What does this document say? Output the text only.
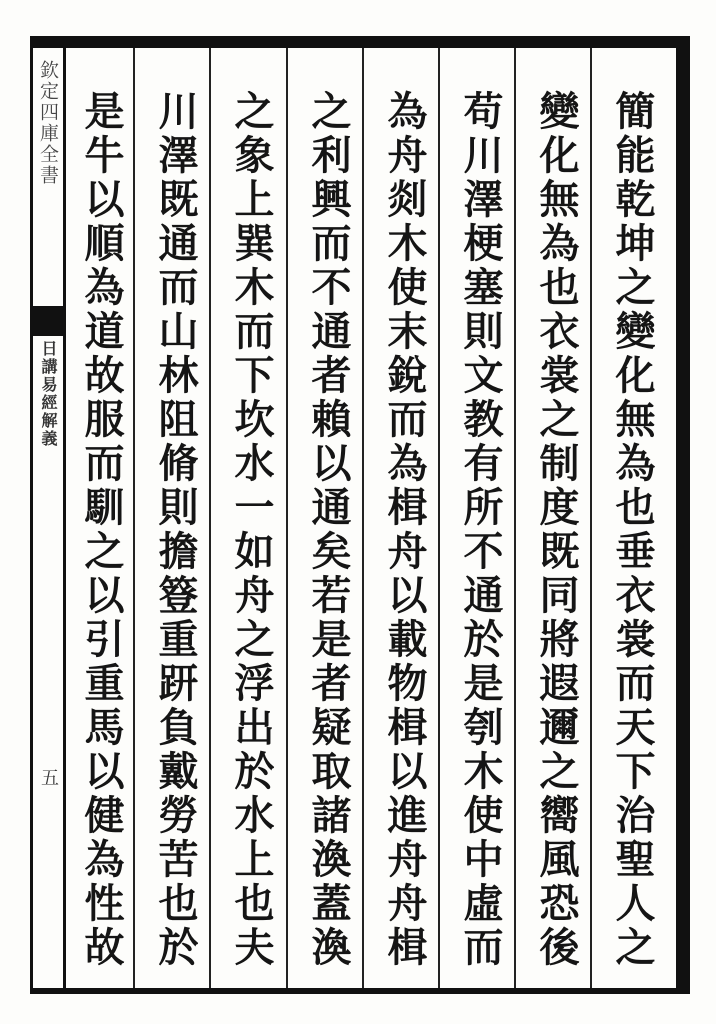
欽定四庫全書
日講易經解義
五	簡能乾坤之變化無為也垂衣裳而天下治聖人之
變化無為也衣裳之制度既同將遐邇之嚮風恐後
苟川澤梗塞則文教有所不通於是刳木使中虛而
為舟剡木使末銳而為楫舟以載物楫以進舟舟楫
之利興而不通者賴以通矣若是者疑取諸渙蓋渙
之象上巽木而下坎水一如舟之浮出於水上也夫
川澤既通而山林阻脩則擔簦重趼負戴勞苦也於
是牛以順為道故服而馴之以引重馬以健為性故
